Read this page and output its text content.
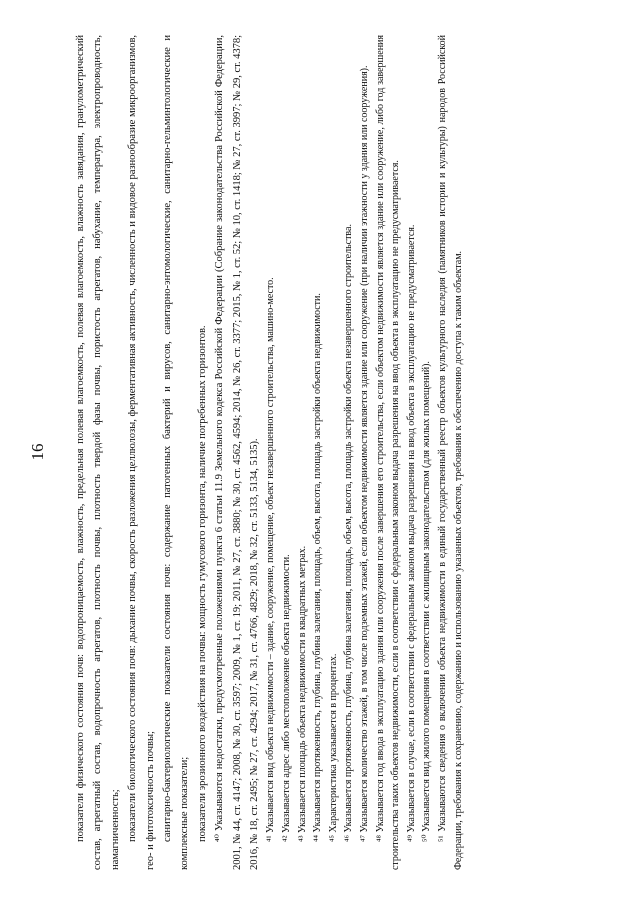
16	показатели физического состояния почв: водопроницаемость, влажность, предельная полевая влагоемкость, полевая влагоемкость, влажность завядания, гранулометрический состав, агрегатный состав, водопрочность агрегатов, плотность почвы, плотность твердой фазы почвы, пористость агрегатов, набухание, температура, электропроводность, намагниченность; показатели биологического состояния почв: дыхание почвы, скорость разложения целлюлозы, ферментативная активность, численность и видовое разнообразие микроорганизмов, гео- и фитотоксичность почвы; санитарно-бактериологические показатели состояния почв: содержание патогенных бактерий и вирусов, санитарно-энтомологические, санитарно-гельминтологические и комплексные показатели; показатели эрозионного воздействия на почвы: мощность гумусового горизонта, наличие погребенных горизонтов. ⁴⁰ Указываются недостатки, предусмотренные положениями пункта 6 статьи 11.9 Земельного кодекса Российской Федерации (Собрание законодательства Российской Федерации, 2001, № 44, ст. 4147; 2008, № 30, ст. 3597; 2009, № 1, ст. 19; 2011, № 27, ст. 3880; № 30, ст. 4562, 4594; 2014, № 26, ст. 3377; 2015, № 1, ст. 52; № 10, ст. 1418; № 27, ст. 3997; № 29, ст. 4378; 2016, № 18, ст. 2495; № 27, ст. 4294; 2017, № 31, ст. 4766, 4829; 2018, № 32, ст. 5133, 5134, 5135). ⁴¹ Указывается вид объекта недвижимости – здание, сооружение, помещение, объект незавершенного строительства, машино-место. ⁴² Указывается адрес либо местоположение объекта недвижимости. ⁴³ Указывается площадь объекта недвижимости в квадратных метрах. ⁴⁴ Указывается протяженность, глубина, глубина залегания, площадь, объем, высота, площадь застройки объекта недвижимости. ⁴⁵ Характеристика указывается в процентах. ⁴⁶ Указывается протяженность, глубина, глубина залегания, площадь, объем, высота, площадь застройки объекта незавершенного строительства. ⁴⁷ Указывается количество этажей, в том числе подземных этажей, если объектом недвижимости является здание или сооружение (при наличии этажности у здания или сооружения). ⁴⁸ Указывается год ввода в эксплуатацию здания или сооружения после завершения его строительства, если объектом недвижимости является здание или сооружение, либо год завершения строительства таких объектов недвижимости, если в соответствии с федеральным законом выдача разрешения на ввод объекта в эксплуатацию не предусматривается. ⁴⁹ Указывается в случае, если в соответствии с федеральным законом выдача разрешения на ввод объекта в эксплуатацию не предусматривается. ⁵⁰ Указывается вид жилого помещения в соответствии с жилищным законодательством (для жилых помещений). ⁵¹ Указываются сведения о включении объекта недвижимости в единый государственный реестр объектов культурного наследия (памятников истории и культуры) народов Российской Федерации, требования к сохранению, содержанию и использованию указанных объектов, требования к обеспечению доступа к таким объектам.
